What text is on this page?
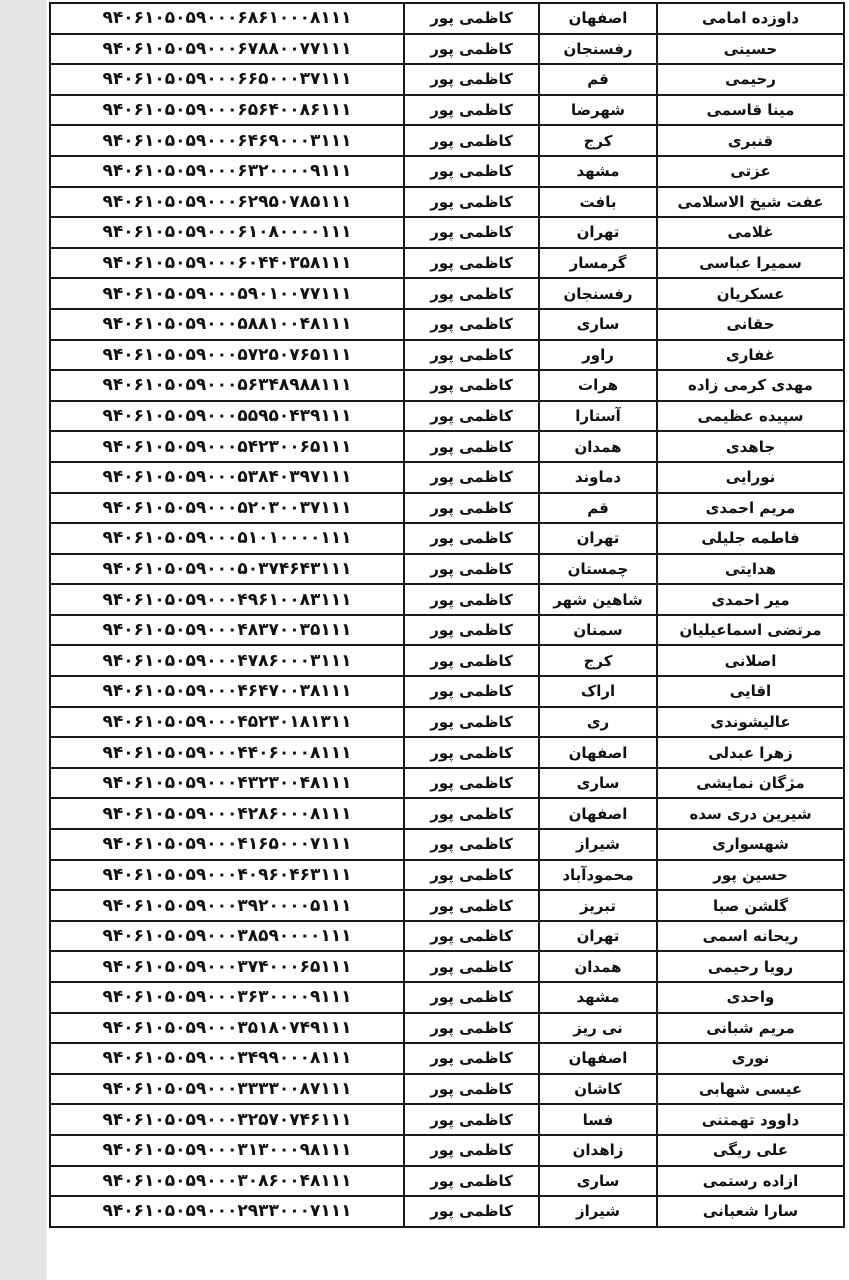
داوزده امامی
اصفهان
کاظمی پور
۹۴۰۶۱۰۵۰۵۹۰۰۰۶۸۶۱۰۰۰۸۱۱۱
حسینی
رفسنجان
کاظمی پور
۹۴۰۶۱۰۵۰۵۹۰۰۰۶۷۸۸۰۰۷۷۱۱۱
رحیمی
قم
کاظمی پور
۹۴۰۶۱۰۵۰۵۹۰۰۰۶۶۵۰۰۰۳۷۱۱۱
مینا قاسمی
شهرضا
کاظمی پور
۹۴۰۶۱۰۵۰۵۹۰۰۰۶۵۶۴۰۰۸۶۱۱۱
قنبری
کرج
کاظمی پور
۹۴۰۶۱۰۵۰۵۹۰۰۰۶۴۶۹۰۰۰۳۱۱۱
عزتی
مشهد
کاظمی پور
۹۴۰۶۱۰۵۰۵۹۰۰۰۶۳۲۰۰۰۰۹۱۱۱
عفت شیخ الاسلامی
بافت
کاظمی پور
۹۴۰۶۱۰۵۰۵۹۰۰۰۶۲۹۵۰۷۸۵۱۱۱
غلامی
تهران
کاظمی پور
۹۴۰۶۱۰۵۰۵۹۰۰۰۶۱۰۸۰۰۰۰۱۱۱
سمیرا عباسی
گرمسار
کاظمی پور
۹۴۰۶۱۰۵۰۵۹۰۰۰۶۰۴۴۰۳۵۸۱۱۱
عسکریان
رفسنجان
کاظمی پور
۹۴۰۶۱۰۵۰۵۹۰۰۰۵۹۰۱۰۰۷۷۱۱۱
حقانی
ساری
کاظمی پور
۹۴۰۶۱۰۵۰۵۹۰۰۰۵۸۸۱۰۰۴۸۱۱۱
غفاری
راور
کاظمی پور
۹۴۰۶۱۰۵۰۵۹۰۰۰۵۷۲۵۰۷۶۵۱۱۱
مهدی کرمی زاده
هرات
کاظمی پور
۹۴۰۶۱۰۵۰۵۹۰۰۰۵۶۳۴۸۹۸۸۱۱۱
سپیده عظیمی
آستارا
کاظمی پور
۹۴۰۶۱۰۵۰۵۹۰۰۰۵۵۹۵۰۴۳۹۱۱۱
جاهدی
همدان
کاظمی پور
۹۴۰۶۱۰۵۰۵۹۰۰۰۵۴۲۳۰۰۶۵۱۱۱
نورایی
دماوند
کاظمی پور
۹۴۰۶۱۰۵۰۵۹۰۰۰۵۳۸۴۰۳۹۷۱۱۱
مریم احمدی
قم
کاظمی پور
۹۴۰۶۱۰۵۰۵۹۰۰۰۵۲۰۳۰۰۳۷۱۱۱
فاطمه جلیلی
تهران
کاظمی پور
۹۴۰۶۱۰۵۰۵۹۰۰۰۵۱۰۱۰۰۰۰۱۱۱
هدایتی
چمستان
کاظمی پور
۹۴۰۶۱۰۵۰۵۹۰۰۰۵۰۳۷۴۶۴۳۱۱۱
میر احمدی
شاهین شهر
کاظمی پور
۹۴۰۶۱۰۵۰۵۹۰۰۰۴۹۶۱۰۰۸۳۱۱۱
مرتضی اسماعیلیان
سمنان
کاظمی پور
۹۴۰۶۱۰۵۰۵۹۰۰۰۴۸۳۷۰۰۳۵۱۱۱
اصلانی
کرج
کاظمی پور
۹۴۰۶۱۰۵۰۵۹۰۰۰۴۷۸۶۰۰۰۳۱۱۱
اقایی
اراک
کاظمی پور
۹۴۰۶۱۰۵۰۵۹۰۰۰۴۶۴۷۰۰۳۸۱۱۱
عالیشوندی
ری
کاظمی پور
۹۴۰۶۱۰۵۰۵۹۰۰۰۴۵۲۳۰۱۸۱۳۱۱
زهرا عبدلی
اصفهان
کاظمی پور
۹۴۰۶۱۰۵۰۵۹۰۰۰۴۴۰۶۰۰۰۸۱۱۱
مژگان نمایشی
ساری
کاظمی پور
۹۴۰۶۱۰۵۰۵۹۰۰۰۴۳۲۳۰۰۴۸۱۱۱
شیرین دری سده
اصفهان
کاظمی پور
۹۴۰۶۱۰۵۰۵۹۰۰۰۴۲۸۶۰۰۰۸۱۱۱
شهسواری
شیراز
کاظمی پور
۹۴۰۶۱۰۵۰۵۹۰۰۰۴۱۶۵۰۰۰۷۱۱۱
حسین پور
محمودآباد
کاظمی پور
۹۴۰۶۱۰۵۰۵۹۰۰۰۴۰۹۶۰۴۶۳۱۱۱
گلشن صبا
تبریز
کاظمی پور
۹۴۰۶۱۰۵۰۵۹۰۰۰۳۹۲۰۰۰۰۵۱۱۱
ریحانه اسمی
تهران
کاظمی پور
۹۴۰۶۱۰۵۰۵۹۰۰۰۳۸۵۹۰۰۰۰۱۱۱
رویا رحیمی
همدان
کاظمی پور
۹۴۰۶۱۰۵۰۵۹۰۰۰۳۷۴۰۰۰۶۵۱۱۱
واحدی
مشهد
کاظمی پور
۹۴۰۶۱۰۵۰۵۹۰۰۰۳۶۳۰۰۰۰۹۱۱۱
مریم شبانی
نی ریز
کاظمی پور
۹۴۰۶۱۰۵۰۵۹۰۰۰۳۵۱۸۰۷۴۹۱۱۱
نوری
اصفهان
کاظمی پور
۹۴۰۶۱۰۵۰۵۹۰۰۰۳۴۹۹۰۰۰۸۱۱۱
عیسی شهابی
کاشان
کاظمی پور
۹۴۰۶۱۰۵۰۵۹۰۰۰۳۳۳۳۰۰۸۷۱۱۱
داوود تهمتنی
فسا
کاظمی پور
۹۴۰۶۱۰۵۰۵۹۰۰۰۳۲۵۷۰۷۴۶۱۱۱
علی ریگی
زاهدان
کاظمی پور
۹۴۰۶۱۰۵۰۵۹۰۰۰۳۱۳۰۰۰۹۸۱۱۱
ازاده رستمی
ساری
کاظمی پور
۹۴۰۶۱۰۵۰۵۹۰۰۰۳۰۸۶۰۰۴۸۱۱۱
سارا شعبانی
شیراز
کاظمی پور
۹۴۰۶۱۰۵۰۵۹۰۰۰۲۹۳۳۰۰۰۷۱۱۱
